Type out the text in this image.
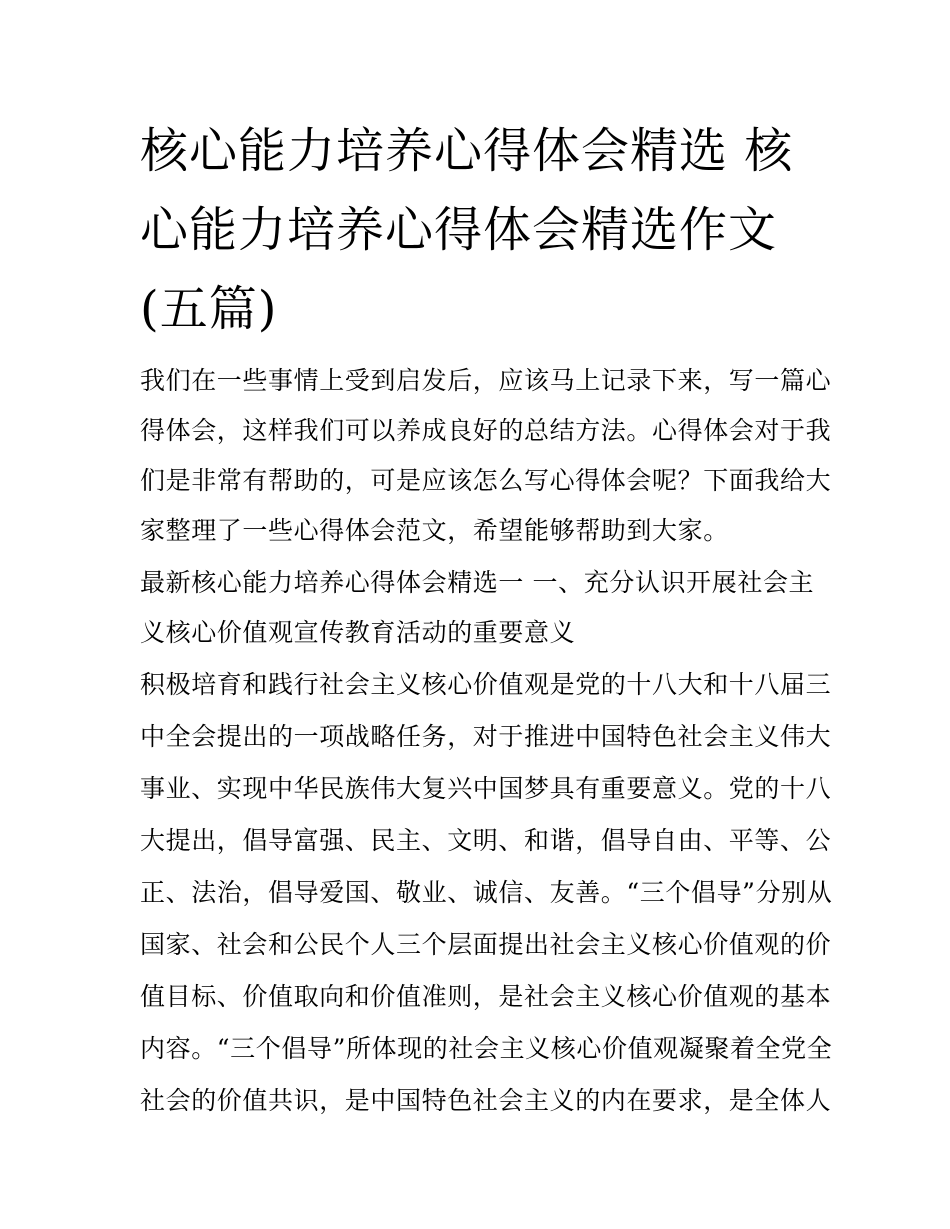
核心能力培养心得体会精选 核心能力培养心得体会精选作文(五篇)

我们在一些事情上受到启发后，应该马上记录下来，写一篇心

得体会，这样我们可以养成良好的总结方法。心得体会对于我

们是非常有帮助的，可是应该怎么写心得体会呢？下面我给大

家整理了一些心得体会范文，希望能够帮助到大家。

最新核心能力培养心得体会精选一 一、充分认识开展社会主

义核心价值观宣传教育活动的重要意义

积极培育和践行社会主义核心价值观是党的十八大和十八届三

中全会提出的一项战略任务，对于推进中国特色社会主义伟大

事业、实现中华民族伟大复兴中国梦具有重要意义。党的十八

大提出，倡导富强、民主、文明、和谐，倡导自由、平等、公

正、法治，倡导爱国、敬业、诚信、友善。“三个倡导”分别从

国家、社会和公民个人三个层面提出社会主义核心价值观的价

值目标、价值取向和价值准则，是社会主义核心价值观的基本

内容。“三个倡导”所体现的社会主义核心价值观凝聚着全党全

社会的价值共识，是中国特色社会主义的内在要求，是全体人
